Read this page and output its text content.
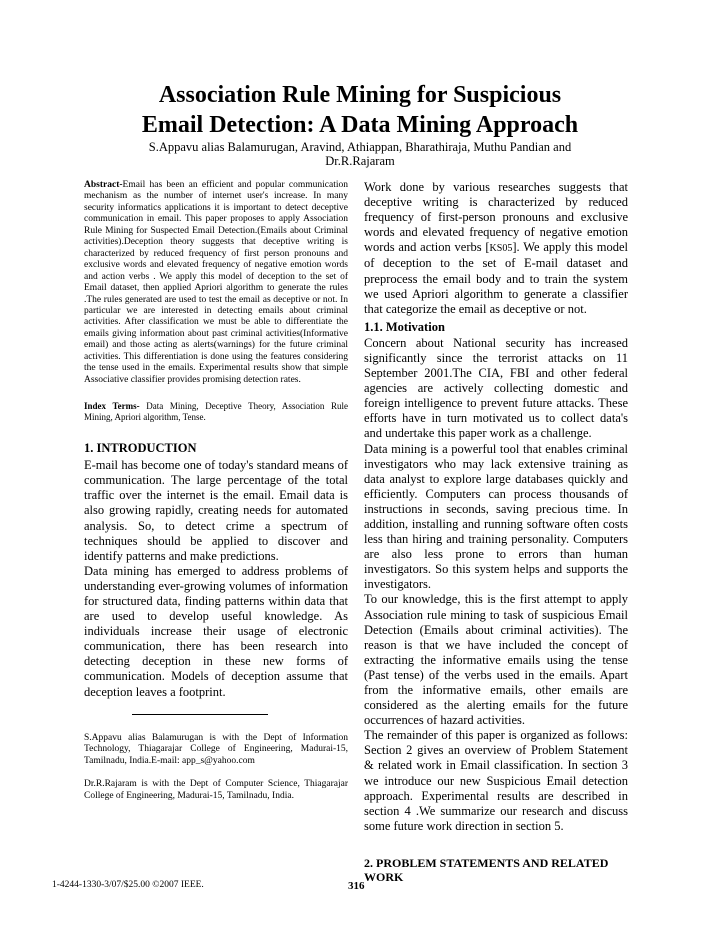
Association Rule Mining for Suspicious
Email Detection: A Data Mining Approach
S.Appavu alias Balamurugan, Aravind, Athiappan, Bharathiraja, Muthu Pandian and
Dr.R.Rajaram

Abstract-Email has been an efficient and popular communication mechanism as the number of internet user's increase. In many security informatics applications it is important to detect deceptive communication in email. This paper proposes to apply Association Rule Mining for Suspected Email Detection.(Emails about Criminal activities).Deception theory suggests that deceptive writing is characterized by reduced frequency of first person pronouns and exclusive words and elevated frequency of negative emotion words and action verbs . We apply this model of deception to the set of Email dataset, then applied Apriori algorithm to generate the rules .The rules generated are used to test the email as deceptive or not. In particular we are interested in detecting emails about criminal activities. After classification we must be able to differentiate the emails giving information about past criminal activities(Informative email) and those acting as alerts(warnings) for the future criminal activities. This differentiation is done using the features considering the tense used in the emails. Experimental results show that simple Associative classifier provides promising detection rates.

Index Terms- Data Mining, Deceptive Theory, Association Rule Mining, Apriori algorithm, Tense.

1. INTRODUCTION

E-mail has become one of today's standard means of communication. The large percentage of the total traffic over the internet is the email. Email data is also growing rapidly, creating needs for automated analysis. So, to detect crime a spectrum of techniques should be applied to discover and identify patterns and make predictions.

Data mining has emerged to address problems of understanding ever-growing volumes of information for structured data, finding patterns within data that are used to develop useful knowledge. As individuals increase their usage of electronic communication, there has been research into detecting deception in these new forms of communication. Models of deception assume that deception leaves a footprint.

S.Appavu alias Balamurugan is with the Dept of Information Technology, Thiagarajar College of Engineering, Madurai-15, Tamilnadu, India.E-mail: app_s@yahoo.com

Dr.R.Rajaram is with the Dept of Computer Science, Thiagarajar College of Engineering, Madurai-15, Tamilnadu, India.

Work done by various researches suggests that deceptive writing is characterized by reduced frequency of first-person pronouns and exclusive words and elevated frequency of negative emotion words and action verbs [KS05]. We apply this model of deception to the set of E-mail dataset and preprocess the email body and to train the system we used Apriori algorithm to generate a classifier that categorize the email as deceptive or not.

1.1. Motivation

Concern about National security has increased significantly since the terrorist attacks on 11 September 2001.The CIA, FBI and other federal agencies are actively collecting domestic and foreign intelligence to prevent future attacks. These efforts have in turn motivated us to collect data's and undertake this paper work as a challenge.

Data mining is a powerful tool that enables criminal investigators who may lack extensive training as data analyst to explore large databases quickly and efficiently. Computers can process thousands of instructions in seconds, saving precious time. In addition, installing and running software often costs less than hiring and training personality. Computers are also less prone to errors than human investigators. So this system helps and supports the investigators.

To our knowledge, this is the first attempt to apply Association rule mining to task of suspicious Email Detection (Emails about criminal activities). The reason is that we have included the concept of extracting the informative emails using the tense (Past tense) of the verbs used in the emails. Apart from the informative emails, other emails are considered as the alerting emails for the future occurrences of hazard activities.

The remainder of this paper is organized as follows: Section 2 gives an overview of Problem Statement & related work in Email classification. In section 3 we introduce our new Suspicious Email detection approach. Experimental results are described in section 4 .We summarize our research and discuss some future work direction in section 5.

2. PROBLEM STATEMENTS AND RELATED WORK

1-4244-1330-3/07/$25.00 ©2007 IEEE.	316
